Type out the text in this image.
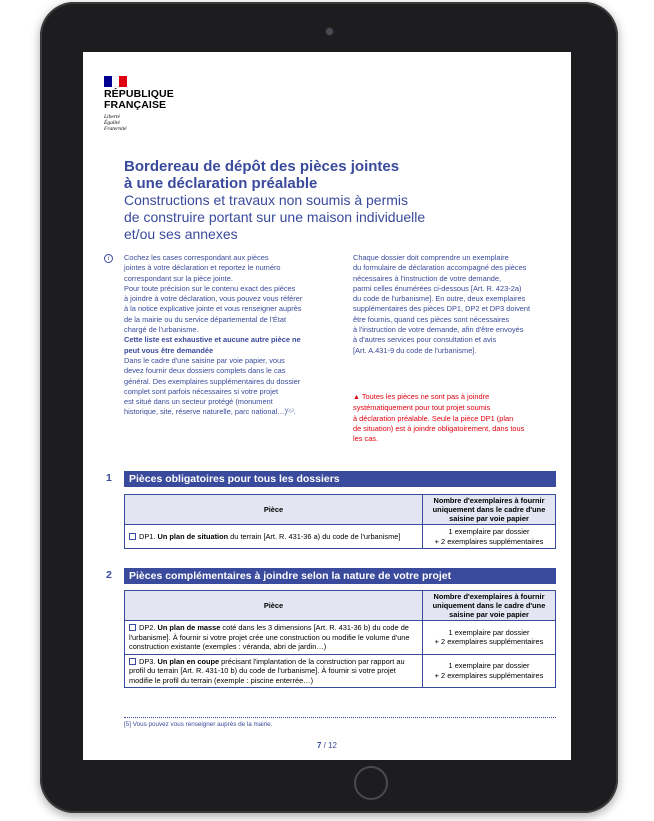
RÉPUBLIQUE
FRANÇAISE
Liberté
Égalité
Fraternité
Bordereau de dépôt des pièces jointes
à une déclaration préalable
Constructions et travaux non soumis à permis
de construire portant sur une maison individuelle
et/ou ses annexes
i	Cochez les cases correspondant aux pièces
jointes à votre déclaration et reportez le numéro
correspondant sur la pièce jointe.
Pour toute précision sur le contenu exact des pièces
à joindre à votre déclaration, vous pouvez vous référer
à la notice explicative jointe et vous renseigner auprès
de la mairie ou du service départemental de l'État
chargé de l'urbanisme.

Cette liste est exhaustive et aucune autre pièce ne
peut vous être demandée

Dans le cadre d'une saisine par voie papier, vous
devez fournir deux dossiers complets dans le cas
général. Des exemplaires supplémentaires du dossier
complet sont parfois nécessaires si votre projet
est situé dans un secteur protégé (monument
historique, site, réserve naturelle, parc national…)⁽⁵⁾.

Chaque dossier doit comprendre un exemplaire
du formulaire de déclaration accompagné des pièces
nécessaires à l'instruction de votre demande,
parmi celles énumérées ci-dessous [Art. R. 423-2a)
du code de l'urbanisme]. En outre, deux exemplaires
supplémentaires des pièces DP1, DP2 et DP3 doivent
être fournis, quand ces pièces sont nécessaires
à l'instruction de votre demande, afin d'être envoyés
à d'autres services pour consultation et avis
[Art. A.431-9 du code de l'urbanisme].
▲ Toutes les pièces ne sont pas à joindre
systématiquement pour tout projet soumis
à déclaration préalable. Seule la pièce DP1 (plan
de situation) est à joindre obligatoirement, dans tous
les cas.
1	Pièces obligatoires pour tous les dossiers
Pièce	Nombre d'exemplaires à fournir uniquement dans le cadre d'une saisine par voie papier
DP1. Un plan de situation du terrain [Art. R. 431-36 a) du code de l'urbanisme]	1 exemplaire par dossier
+ 2 exemplaires supplémentaires
2	Pièces complémentaires à joindre selon la nature de votre projet
Pièce	Nombre d'exemplaires à fournir uniquement dans le cadre d'une saisine par voie papier
DP2. Un plan de masse coté dans les 3 dimensions [Art. R. 431-36 b) du code de l'urbanisme]. À fournir si votre projet crée une construction ou modifie le volume d'une construction existante (exemples : véranda, abri de jardin…)	1 exemplaire par dossier
+ 2 exemplaires supplémentaires

DP3. Un plan en coupe précisant l'implantation de la construction par rapport au profil du terrain [Art. R. 431-10 b) du code de l'urbanisme]. À fournir si votre projet modifie le profil du terrain (exemple : piscine enterrée…)	1 exemplaire par dossier
+ 2 exemplaires supplémentaires
[5] Vous pouvez vous renseigner auprès de la mairie.
7 / 12
